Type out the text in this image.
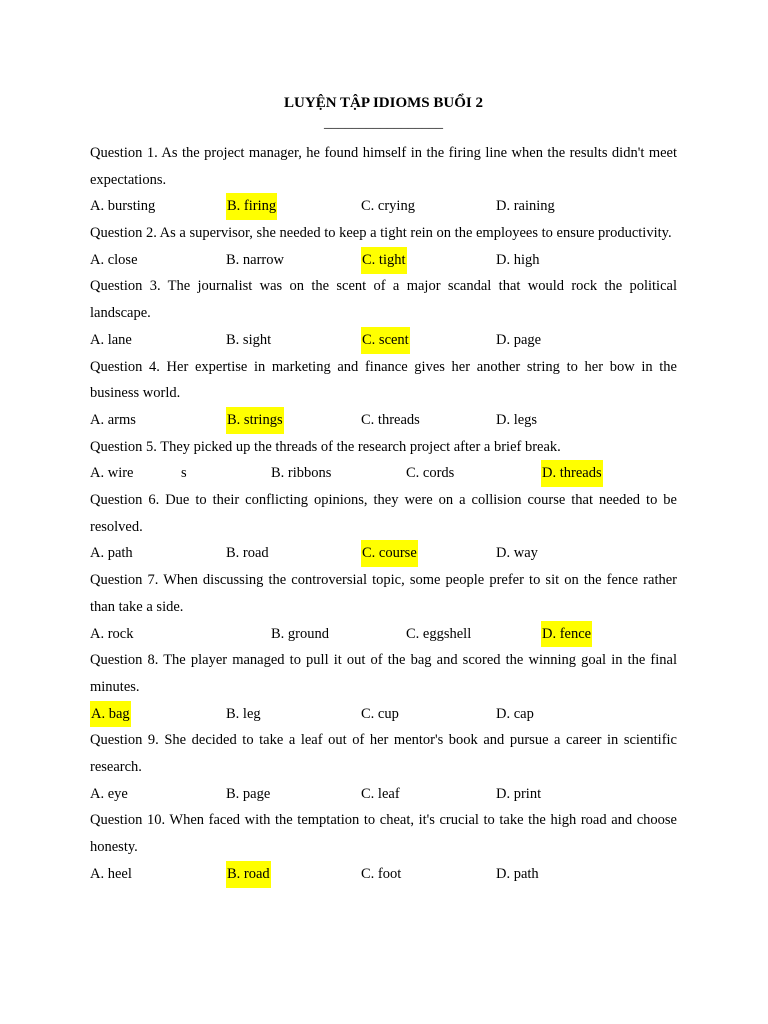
LUYỆN TẬP IDIOMS BUỔI 2
_________________
Question 1. As the project manager, he found himself in the firing line when the results didn't meet expectations.
A. bursting	B. firing	C. crying	D. raining
Question 2. As a supervisor, she needed to keep a tight rein on the employees to ensure productivity.
A. close	B. narrow	C. tight	D. high
Question 3. The journalist was on the scent of a major scandal that would rock the political landscape.
A. lane	B. sight	C. scent	D. page
Question 4. Her expertise in marketing and finance gives her another string to her bow in the business world.
A. arms	B. strings	C. threads	D. legs
Question 5. They picked up the threads of the research project after a brief break.
A. wire	s	B. ribbons	C. cords	D. threads
Question 6. Due to their conflicting opinions, they were on a collision course that needed to be resolved.
A. path	B. road	C. course	D. way
Question 7. When discussing the controversial topic, some people prefer to sit on the fence rather than take a side.
A. rock	B. ground	C. eggshell	D. fence
Question 8. The player managed to pull it out of the bag and scored the winning goal in the final minutes.
A. bag	B. leg	C. cup	D. cap
Question 9. She decided to take a leaf out of her mentor's book and pursue a career in scientific research.
A. eye	B. page	C. leaf	D. print
Question 10. When faced with the temptation to cheat, it's crucial to take the high road and choose honesty.
A. heel	B. road	C. foot	D. path
